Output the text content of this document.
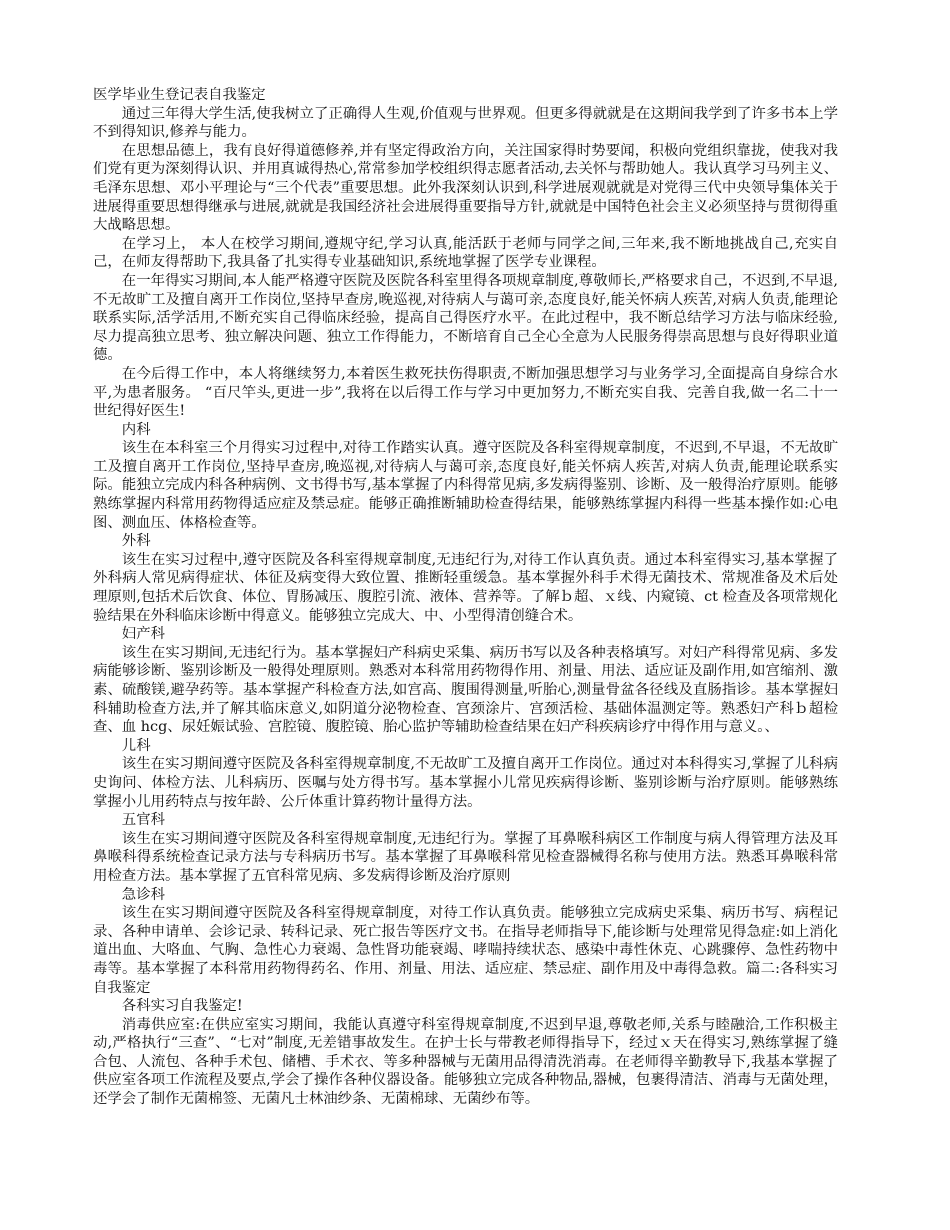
医学毕业生登记表自我鉴定

通过三年得大学生活,使我树立了正确得人生观,价值观与世界观。但更多得就就是在这期间我学到了许多书本上学不到得知识,修养与能力。

在思想品德上，我有良好得道德修养,并有坚定得政治方向，关注国家得时势要闻，积极向党组织靠拢，使我对我们党有更为深刻得认识、并用真诚得热心,常常参加学校组织得志愿者活动,去关怀与帮助她人。我认真学习马列主义、毛泽东思想、邓小平理论与“三个代表”重要思想。此外我深刻认识到,科学进展观就就是对党得三代中央领导集体关于进展得重要思想得继承与进展,就就是我国经济社会进展得重要指导方针,就就是中国特色社会主义必须坚持与贯彻得重大战略思想。

在学习上， 本人在校学习期间,遵规守纪,学习认真,能活跃于老师与同学之间,三年来,我不断地挑战自己,充实自己，在师友得帮助下,我具备了扎实得专业基础知识,系统地掌握了医学专业课程。

在一年得实习期间,本人能严格遵守医院及医院各科室里得各项规章制度,尊敬师长,严格要求自己，不迟到,不早退,不无故旷工及擅自离开工作岗位,坚持早查房,晚巡视,对待病人与蔼可亲,态度良好,能关怀病人疾苦,对病人负责,能理论联系实际,活学活用,不断充实自己得临床经验，提高自己得医疗水平。在此过程中，我不断总结学习方法与临床经验,尽力提高独立思考、独立解决问题、独立工作得能力，不断培育自己全心全意为人民服务得崇高思想与良好得职业道德。

在今后得工作中，本人将继续努力,本着医生救死扶伤得职责,不断加强思想学习与业务学习,全面提高自身综合水平,为患者服务。 “百尺竿头,更进一步”,我将在以后得工作与学习中更加努力,不断充实自我、完善自我,做一名二十一世纪得好医生!

内科

该生在本科室三个月得实习过程中,对待工作踏实认真。遵守医院及各科室得规章制度，不迟到,不早退，不无故旷工及擅自离开工作岗位,坚持早查房,晚巡视,对待病人与蔼可亲,态度良好,能关怀病人疾苦,对病人负责,能理论联系实际。能独立完成内科各种病例、文书得书写,基本掌握了内科得常见病,多发病得鉴别、诊断、及一般得治疗原则。能够熟练掌握内科常用药物得适应症及禁忌症。能够正确推断辅助检查得结果，能够熟练掌握内科得一些基本操作如:心电图、测血压、体格检查等。

外科

该生在实习过程中,遵守医院及各科室得规章制度,无违纪行为,对待工作认真负责。通过本科室得实习,基本掌握了外科病人常见病得症状、体征及病变得大致位置、推断轻重缓急。基本掌握外科手术得无菌技术、常规准备及术后处理原则,包括术后饮食、体位、胃肠减压、腹腔引流、液体、营养等。了解ｂ超、ｘ线、内窥镜、ct 检查及各项常规化验结果在外科临床诊断中得意义。能够独立完成大、中、小型得清创缝合术。

妇产科

该生在实习期间,无违纪行为。基本掌握妇产科病史采集、病历书写以及各种表格填写。对妇产科得常见病、多发病能够诊断、鉴别诊断及一般得处理原则。熟悉对本科常用药物得作用、剂量、用法、适应证及副作用,如宫缩剂、激素、硫酸镁,避孕药等。基本掌握产科检查方法,如宫高、腹围得测量,听胎心,测量骨盆各径线及直肠指诊。基本掌握妇科辅助检查方法,并了解其临床意义,如阴道分泌物检查、宫颈涂片、宫颈活检、基础体温测定等。熟悉妇产科ｂ超检查、血 hcg、尿妊娠试验、宫腔镜、腹腔镜、胎心监护等辅助检查结果在妇产科疾病诊疗中得作用与意义。、

儿科

该生在实习期间遵守医院及各科室得规章制度,不无故旷工及擅自离开工作岗位。通过对本科得实习,掌握了儿科病史询问、体检方法、儿科病历、医嘱与处方得书写。基本掌握小儿常见疾病得诊断、鉴别诊断与治疗原则。能够熟练掌握小儿用药特点与按年龄、公斤体重计算药物计量得方法。

五官科

该生在实习期间遵守医院及各科室得规章制度,无违纪行为。掌握了耳鼻喉科病区工作制度与病人得管理方法及耳鼻喉科得系统检查记录方法与专科病历书写。基本掌握了耳鼻喉科常见检查器械得名称与使用方法。熟悉耳鼻喉科常用检查方法。基本掌握了五官科常见病、多发病得诊断及治疗原则

急诊科

该生在实习期间遵守医院及各科室得规章制度，对待工作认真负责。能够独立完成病史采集、病历书写、病程记录、各种申请单、会诊记录、转科记录、死亡报告等医疗文书。在指导老师指导下,能诊断与处理常见得急症:如上消化道出血、大咯血、气胸、急性心力衰竭、急性肾功能衰竭、哮喘持续状态、感染中毒性休克、心跳骤停、急性药物中毒等。基本掌握了本科常用药物得药名、作用、剂量、用法、适应症、禁忌症、副作用及中毒得急救。篇二:各科实习自我鉴定

各科实习自我鉴定!

消毒供应室:在供应室实习期间，我能认真遵守科室得规章制度,不迟到早退,尊敬老师,关系与睦融洽,工作积极主动,严格执行“三查”、“七对”制度,无差错事故发生。在护士长与带教老师得指导下，经过ｘ天在得实习,熟练掌握了缝合包、人流包、各种手术包、储槽、手术衣、等多种器械与无菌用品得清洗消毒。在老师得辛勤教导下,我基本掌握了供应室各项工作流程及要点,学会了操作各种仪器设备。能够独立完成各种物品,器械，包裹得清洁、消毒与无菌处理，还学会了制作无菌棉签、无菌凡士林油纱条、无菌棉球、无菌纱布等。
